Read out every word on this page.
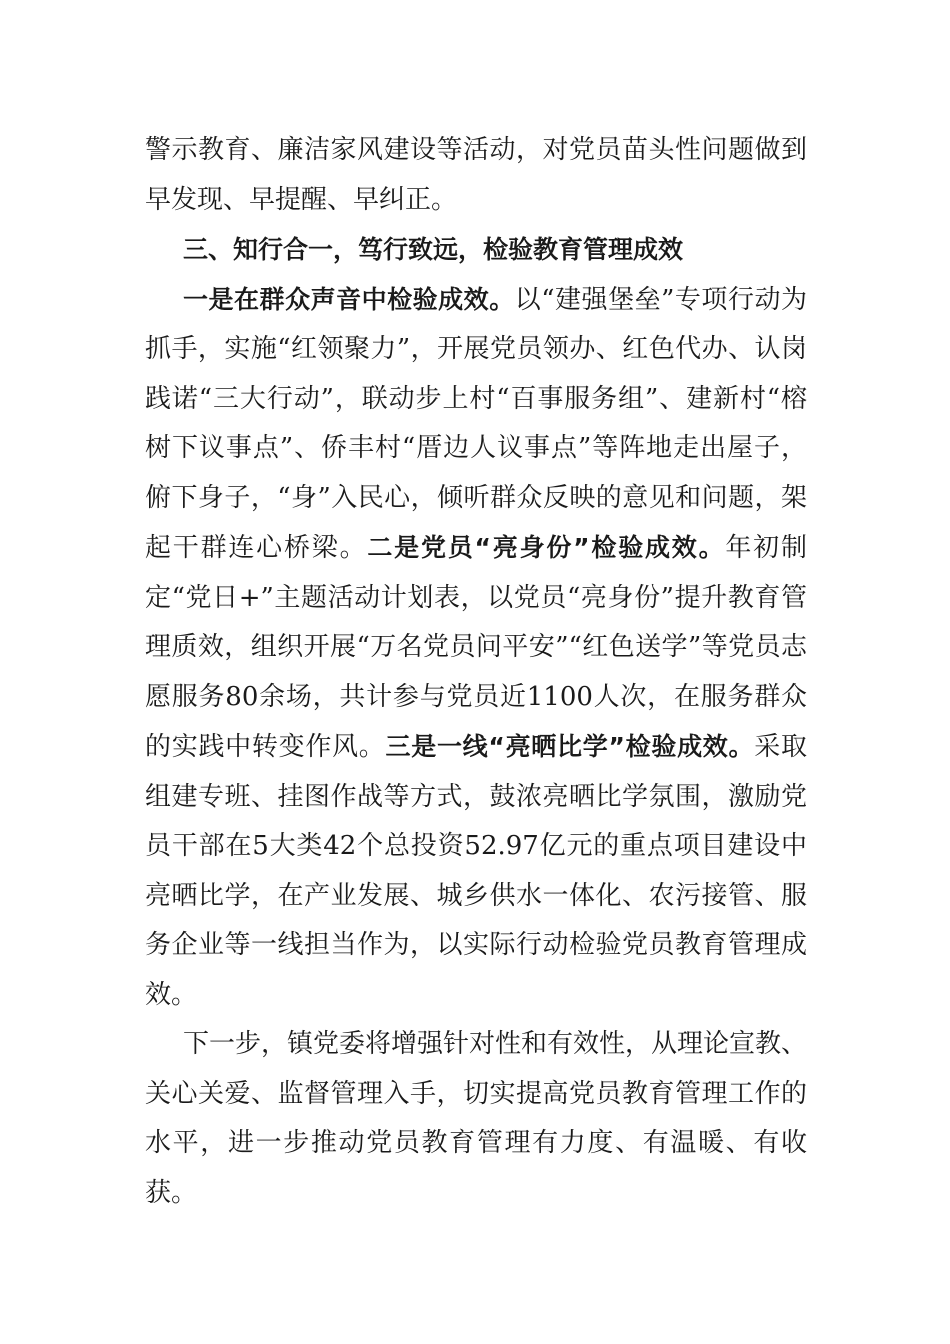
警示教育、廉洁家风建设等活动，对党员苗头性问题做到早发现、早提醒、早纠正。

三、知行合一，笃行致远，检验教育管理成效

一是在群众声音中检验成效。以“建强堡垒”专项行动为抓手，实施“红领聚力”，开展党员领办、红色代办、认岗践诺“三大行动”，联动步上村“百事服务组”、建新村“榕树下议事点”、侨丰村“厝边人议事点”等阵地走出屋子，俯下身子，“身”入民心，倾听群众反映的意见和问题，架起干群连心桥梁。二是党员“亮身份”检验成效。年初制定“党日+”主题活动计划表，以党员“亮身份”提升教育管理质效，组织开展“万名党员问平安”“红色送学”等党员志愿服务80余场，共计参与党员近1100人次，在服务群众的实践中转变作风。三是一线“亮晒比学”检验成效。采取组建专班、挂图作战等方式，鼓浓亮晒比学氛围，激励党员干部在5大类42个总投资52.97亿元的重点项目建设中亮晒比学，在产业发展、城乡供水一体化、农污接管、服务企业等一线担当作为，以实际行动检验党员教育管理成效。

下一步，镇党委将增强针对性和有效性，从理论宣教、关心关爱、监督管理入手，切实提高党员教育管理工作的水平，进一步推动党员教育管理有力度、有温暖、有收获。
